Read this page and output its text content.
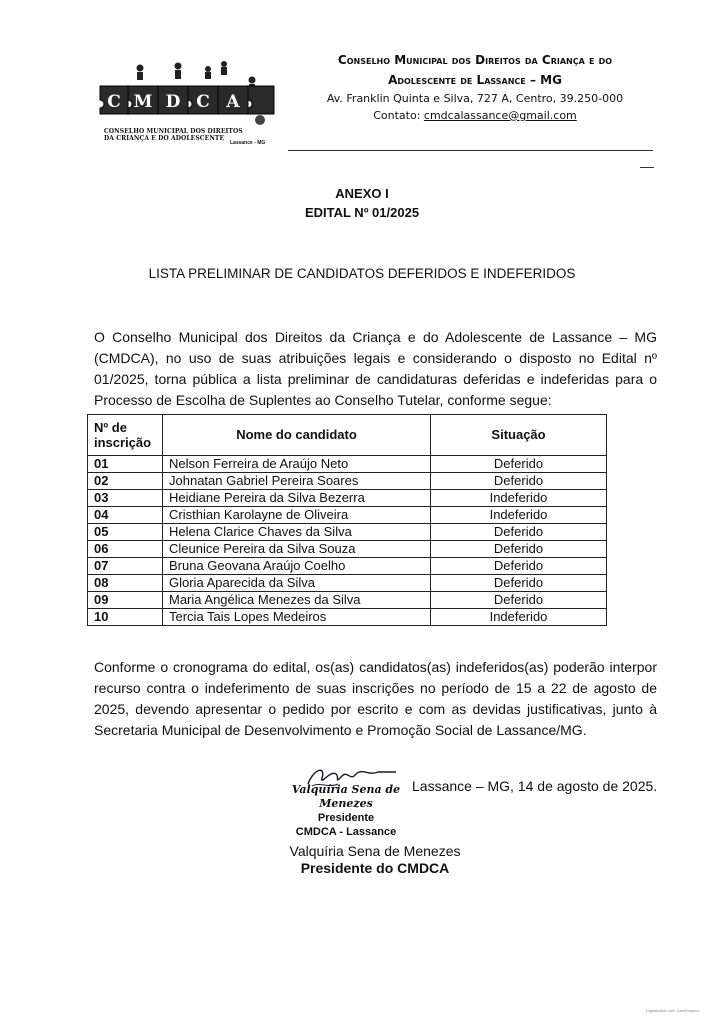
C M D C A
CONSELHO MUNICIPAL DOS DIREITOS
DA CRIANÇA E DO ADOLESCENTE
Lassance - MG
Conselho Municipal dos Direitos da Criança e do
Adolescente de Lassance – MG
Av. Franklin Quinta e Silva, 727 A, Centro, 39.250-000
Contato: cmdcalassance@gmail.com
ANEXO I
EDITAL Nº 01/2025
LISTA PRELIMINAR DE CANDIDATOS DEFERIDOS E INDEFERIDOS
O Conselho Municipal dos Direitos da Criança e do Adolescente de Lassance – MG (CMDCA), no uso de suas atribuições legais e considerando o disposto no Edital nº 01/2025, torna pública a lista preliminar de candidaturas deferidas e indeferidas para o Processo de Escolha de Suplentes ao Conselho Tutelar, conforme segue:
Nº de
inscrição	Nome do candidato	Situação
01	Nelson Ferreira de Araújo Neto	Deferido
02	Johnatan Gabriel Pereira Soares	Deferido
03	Heidiane Pereira da Silva Bezerra	Indeferido
04	Cristhian Karolayne de Oliveira	Indeferido
05	Helena Clarice Chaves da Silva	Deferido
06	Cleunice Pereira da Silva Souza	Deferido
07	Bruna Geovana Araújo Coelho	Deferido
08	Gloria Aparecida da Silva	Deferido
09	Maria Angélica Menezes da Silva	Deferido
10	Tercia Tais Lopes Medeiros	Indeferido
Conforme o cronograma do edital, os(as) candidatos(as) indeferidos(as) poderão interpor recurso contra o indeferimento de suas inscrições no período de 15 a 22 de agosto de 2025, devendo apresentar o pedido por escrito e com as devidas justificativas, junto à Secretaria Municipal de Desenvolvimento e Promoção Social de Lassance/MG.
Valquíria Sena de Menezes
Presidente
CMDCA - Lassance
Lassance – MG, 14 de agosto de 2025.
Valquíria Sena de Menezes
Presidente do CMDCA
Digitalizado com CamScanner
